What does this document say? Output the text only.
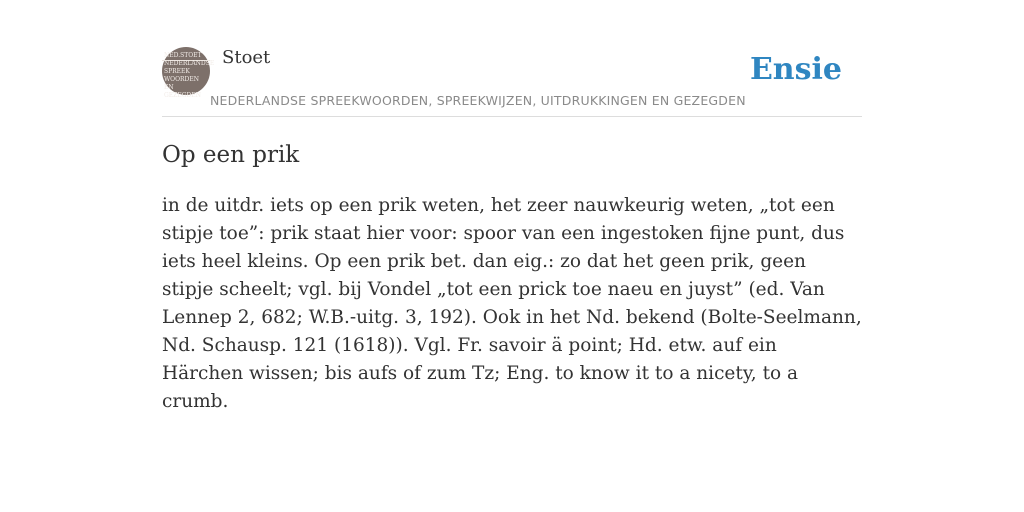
NED.STOET
NEDERLANDSE
SPREEK
WOORDEN EN
GEZEGDEN
Stoet
NEDERLANDSE SPREEKWOORDEN, SPREEKWIJZEN, UITDRUKKINGEN EN GEZEGDEN
Ensie
Op een prik

in de uitdr. iets op een prik weten, het zeer nauwkeurig weten, „tot een stipje toe”: prik staat hier voor: spoor van een ingestoken fijne punt, dus iets heel kleins. Op een prik bet. dan eig.: zo dat het geen prik, geen stipje scheelt; vgl. bij Vondel „tot een prick toe naeu en juyst” (ed. Van Lennep 2, 682; W.B.-uitg. 3, 192). Ook in het Nd. bekend (Bolte-Seelmann, Nd. Schausp. 121 (1618)). Vgl. Fr. savoir ä point; Hd. etw. auf ein Härchen wissen; bis aufs of zum Tz; Eng. to know it to a nicety, to a crumb.
